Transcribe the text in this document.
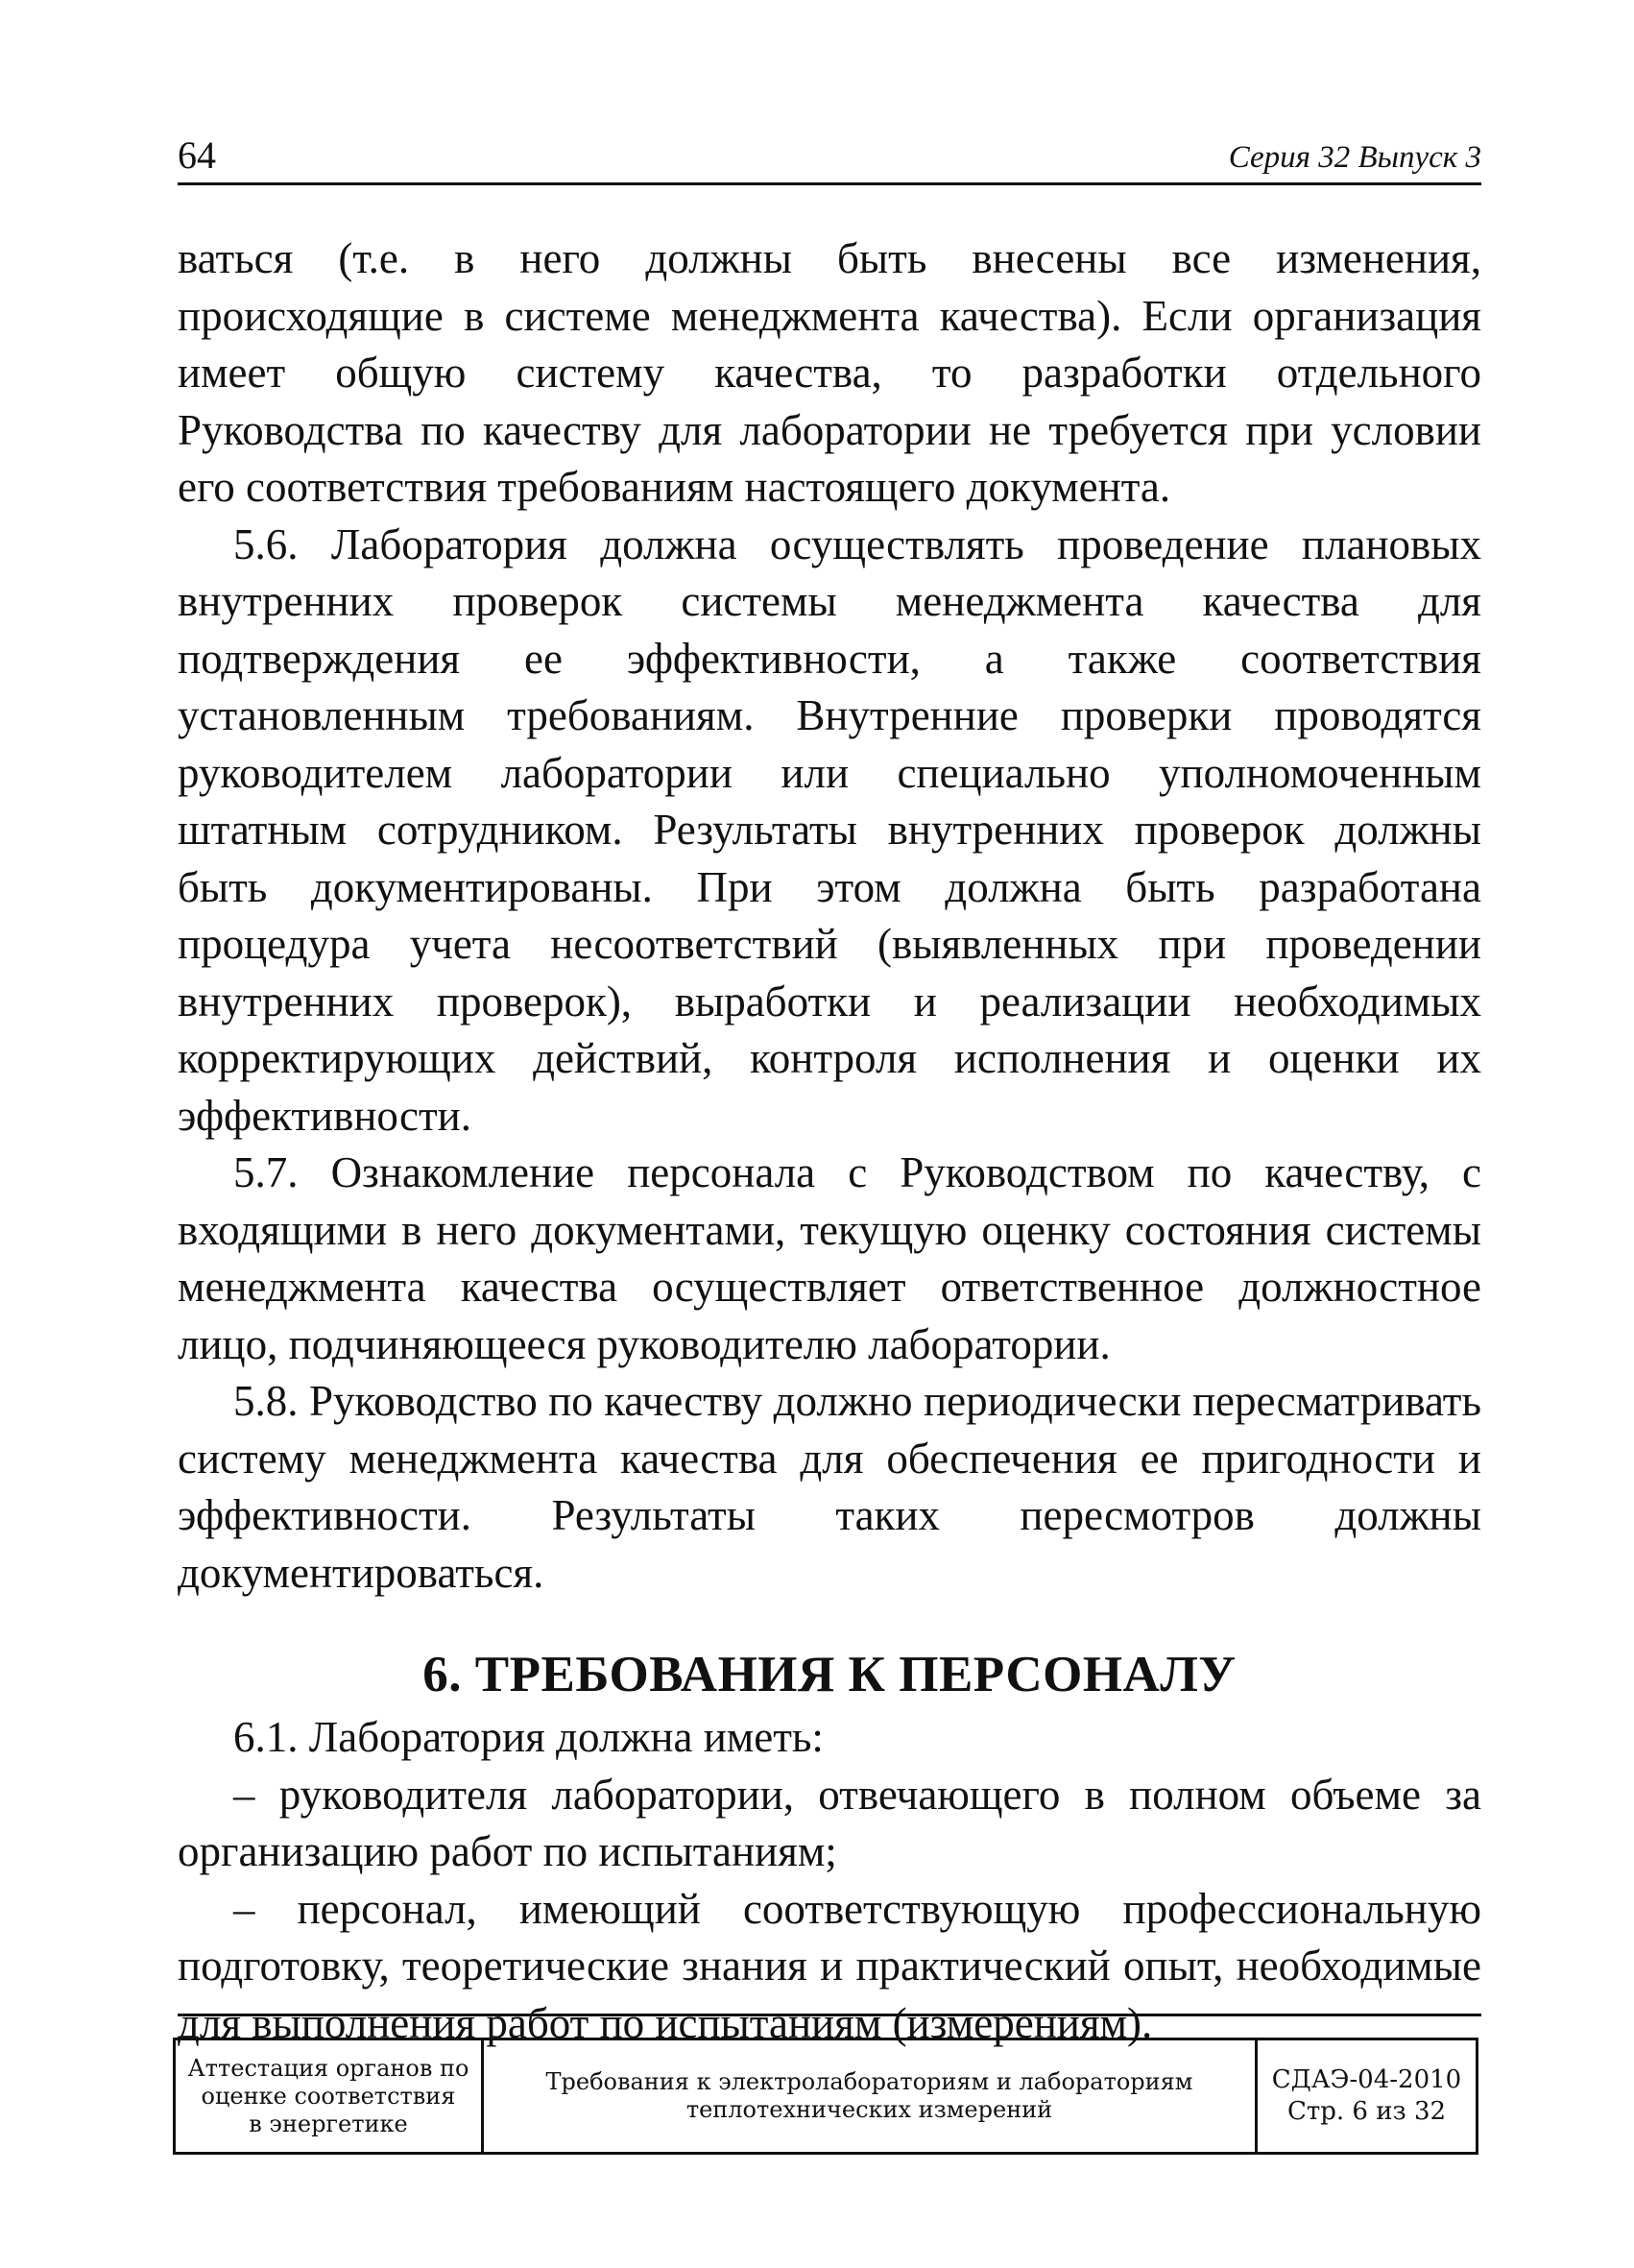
64	Серия 32 Выпуск 3

ваться (т.е. в него должны быть внесены все изменения, происходящие в системе менеджмента качества). Если организация имеет общую систему качества, то разработки отдельного Руководства по качеству для лаборатории не требуется при условии его соответствия требованиям настоящего документа.

5.6. Лаборатория должна осуществлять проведение плановых внутренних проверок системы менеджмента качества для подтверждения ее эффективности, а также соответствия установленным требованиям. Внутренние проверки проводятся руководителем лаборатории или специально уполномоченным штатным сотрудником. Результаты внутренних проверок должны быть документированы. При этом должна быть разработана процедура учета несоответствий (выявленных при проведении внутренних проверок), выработки и реализации необходимых корректирующих действий, контроля исполнения и оценки их эффективности.

5.7. Ознакомление персонала с Руководством по качеству, с входящими в него документами, текущую оценку состояния системы менеджмента качества осуществляет ответственное должностное лицо, подчиняющееся руководителю лаборатории.

5.8. Руководство по качеству должно периодически пересматривать систему менеджмента качества для обеспечения ее пригодности и эффективности. Результаты таких пересмотров должны документироваться.

6. ТРЕБОВАНИЯ К ПЕРСОНАЛУ

6.1. Лаборатория должна иметь:

– руководителя лаборатории, отвечающего в полном объеме за организацию работ по испытаниям;

– персонал, имеющий соответствующую профессиональную подготовку, теоретические знания и практический опыт, необходимые для выполнения работ по испытаниям (измерениям).

Аттестация органов по
оценке соответствия
в энергетике
Требования к электролабораториям и лабораториям
теплотехнических измерений
СДАЭ-04-2010
Стр. 6 из 32
